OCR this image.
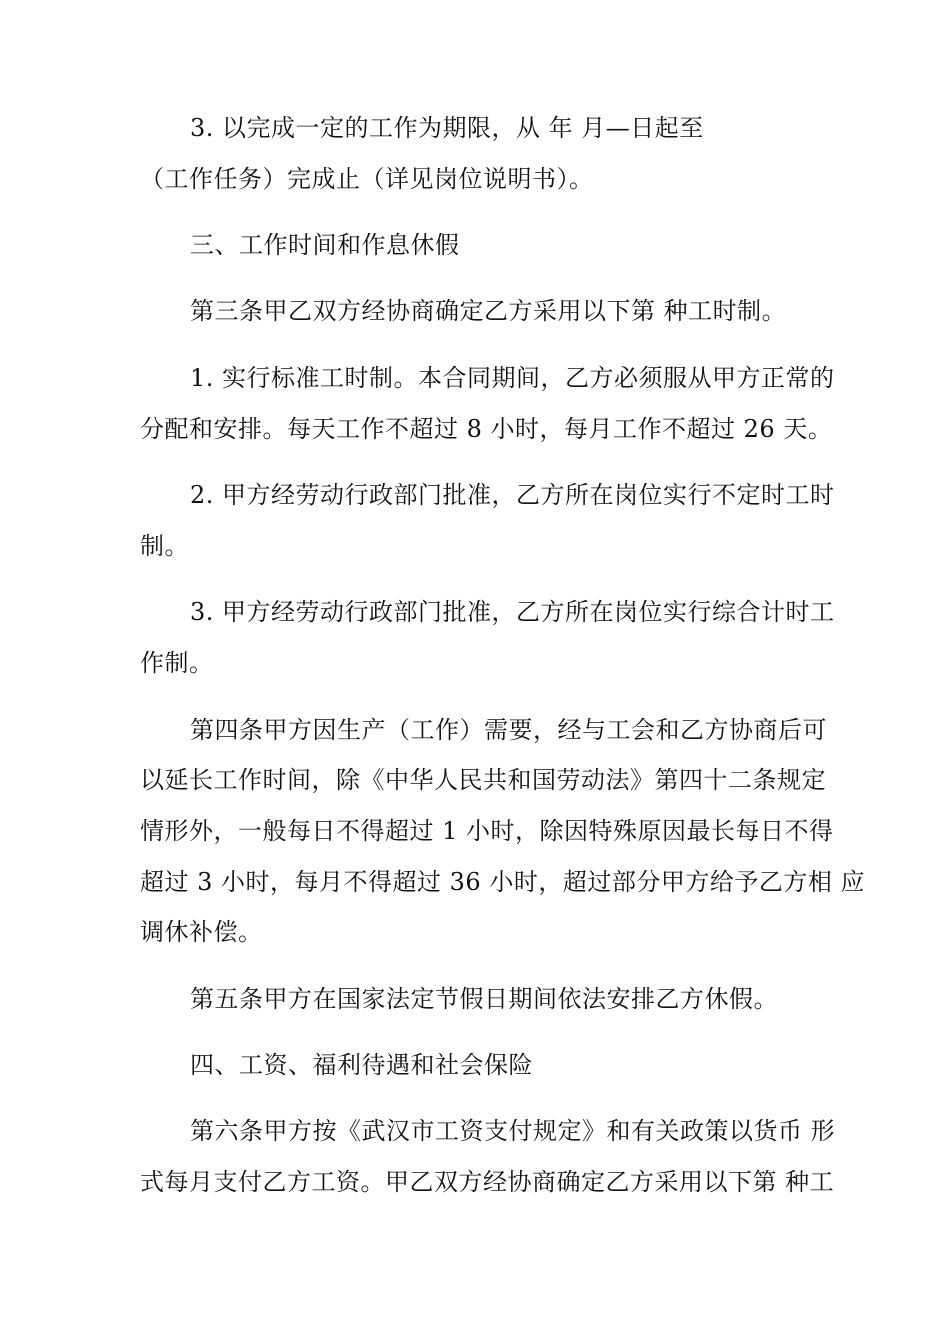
3. 以完成一定的工作为期限，从 年 月—日起至
（工作任务）完成止（详见岗位说明书）。
三、工作时间和作息休假
第三条甲乙双方经协商确定乙方采用以下第 种工时制。
1. 实行标准工时制。本合同期间，乙方必须服从甲方正常的
分配和安排。每天工作不超过 8 小时，每月工作不超过 26 天。
2. 甲方经劳动行政部门批准，乙方所在岗位实行不定时工时
制。
3. 甲方经劳动行政部门批准，乙方所在岗位实行综合计时工
作制。
第四条甲方因生产（工作）需要，经与工会和乙方协商后可
以延长工作时间，除《中华人民共和国劳动法》第四十二条规定
情形外，一般每日不得超过 1 小时，除因特殊原因最长每日不得
超过 3 小时，每月不得超过 36 小时，超过部分甲方给予乙方相 应
调休补偿。
第五条甲方在国家法定节假日期间依法安排乙方休假。
四、工资、福利待遇和社会保险
第六条甲方按《武汉市工资支付规定》和有关政策以货币 形
式每月支付乙方工资。甲乙双方经协商确定乙方采用以下第 种工
